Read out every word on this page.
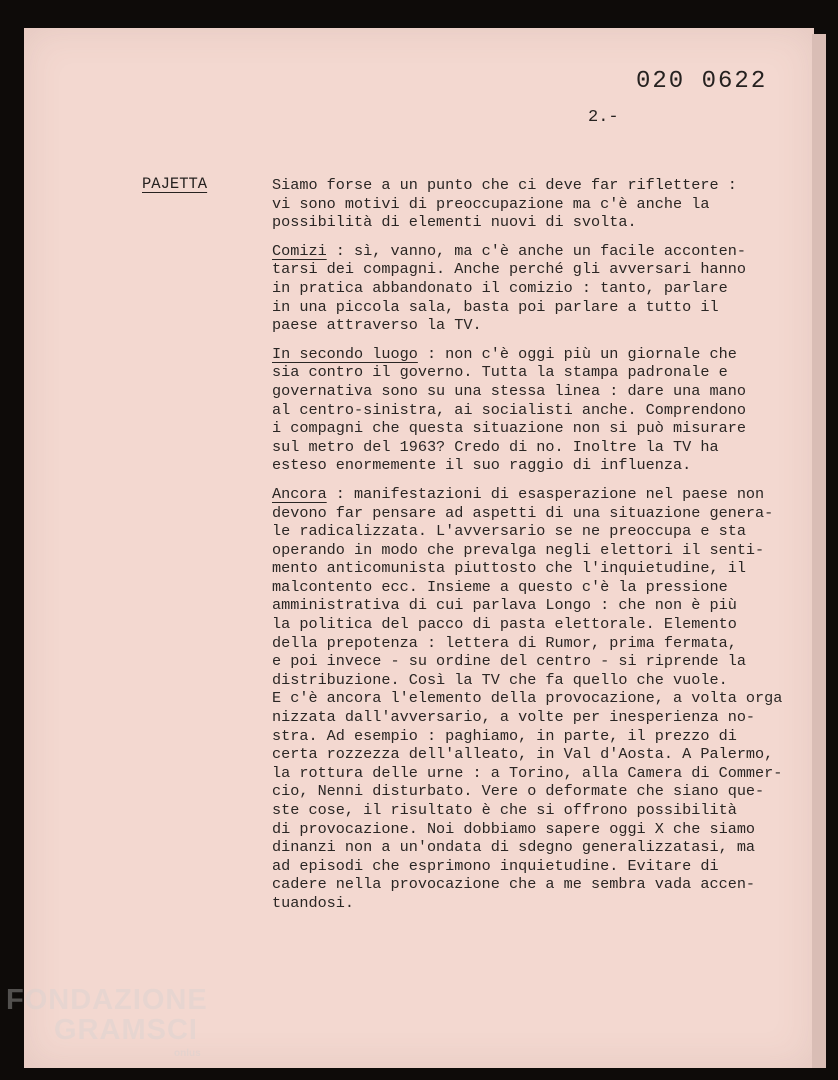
020 0622
2.-
PAJETTA	Siamo forse a un punto che ci deve far riflettere :
vi sono motivi di preoccupazione ma c'è anche la
possibilità di elementi nuovi di svolta.
Comizi : sì, vanno, ma c'è anche un facile acconten-
tarsi dei compagni. Anche perché gli avversari hanno
in pratica abbandonato il comizio : tanto, parlare
in una piccola sala, basta poi parlare a tutto il
paese attraverso la TV.
In secondo luogo : non c'è oggi più un giornale che
sia contro il governo. Tutta la stampa padronale e
governativa sono su una stessa linea : dare una mano
al centro-sinistra, ai socialisti anche. Comprendono
i compagni che questa situazione non si può misurare
sul metro del 1963? Credo di no. Inoltre la TV ha
esteso enormemente il suo raggio di influenza.
Ancora : manifestazioni di esasperazione nel paese non
devono far pensare ad aspetti di una situazione genera-
le radicalizzata. L'avversario se ne preoccupa e sta
operando in modo che prevalga negli elettori il senti-
mento anticomunista piuttosto che l'inquietudine, il
malcontento ecc. Insieme a questo c'è la pressione
amministrativa di cui parlava Longo : che non è più
la politica del pacco di pasta elettorale. Elemento
della prepotenza : lettera di Rumor, prima fermata,
e poi invece - su ordine del centro - si riprende la
distribuzione. Così la TV che fa quello che vuole.
E c'è ancora l'elemento della provocazione, a volta orga
nizzata dall'avversario, a volte per inesperienza no-
stra. Ad esempio : paghiamo, in parte, il prezzo di
certa rozzezza dell'alleato, in Val d'Aosta. A Palermo,
la rottura delle urne : a Torino, alla Camera di Commer-
cio, Nenni disturbato. Vere o deformate che siano que-
ste cose, il risultato è che si offrono possibilità
di provocazione. Noi dobbiamo sapere oggi X che siamo
dinanzi non a un'ondata di sdegno generalizzatasi, ma
ad episodi che esprimono inquietudine. Evitare di
cadere nella provocazione che a me sembra vada accen-
tuandosi.
FONDAZIONE
GRAMSCI
onlus
